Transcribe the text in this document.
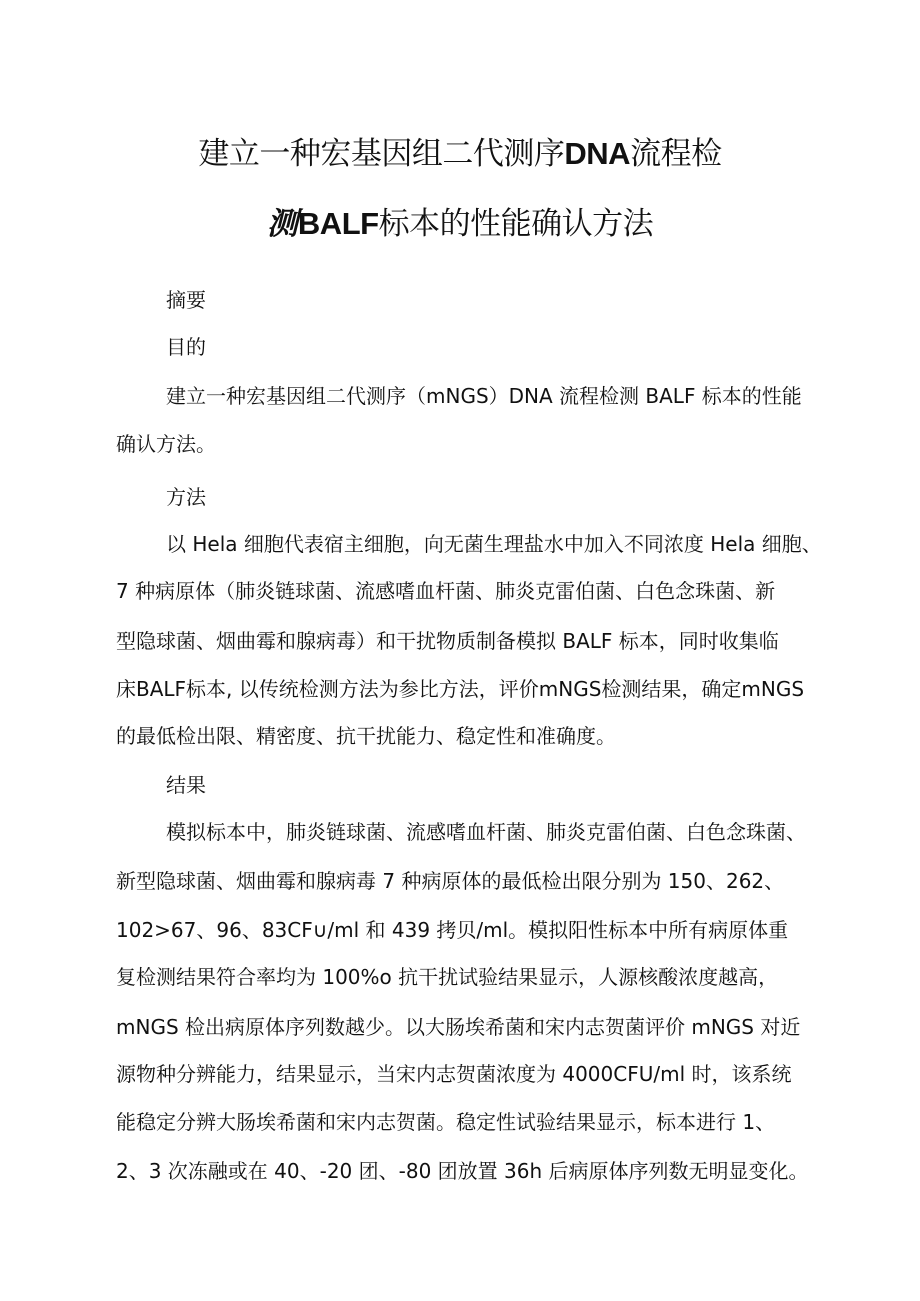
建立一种宏基因组二代测序DNA流程检
测BALF标本的性能确认方法
摘要
目的
建立一种宏基因组二代测序（mNGS）DNA 流程检测 BALF 标本的性能
确认方法。
方法
以 Hela 细胞代表宿主细胞，向无菌生理盐水中加入不同浓度 Hela 细胞、
7 种病原体（肺炎链球菌、流感嗜血杆菌、肺炎克雷伯菌、白色念珠菌、新
型隐球菌、烟曲霉和腺病毒）和干扰物质制备模拟 BALF 标本，同时收集临
床BALF标本, 以传统检测方法为参比方法，评价mNGS检测结果，确定mNGS
的最低检出限、精密度、抗干扰能力、稳定性和准确度。
结果
模拟标本中，肺炎链球菌、流感嗜血杆菌、肺炎克雷伯菌、白色念珠菌、
新型隐球菌、烟曲霉和腺病毒 7 种病原体的最低检出限分别为 150、262、
102>67、96、83CF∪/ml 和 439 拷贝/ml。模拟阳性标本中所有病原体重
复检测结果符合率均为 100%o 抗干扰试验结果显示，人源核酸浓度越高，
mNGS 检出病原体序列数越少。以大肠埃希菌和宋内志贺菌评价 mNGS 对近
源物种分辨能力，结果显示，当宋内志贺菌浓度为 4000CFU/ml 时，该系统
能稳定分辨大肠埃希菌和宋内志贺菌。稳定性试验结果显示，标本进行 1、
2、3 次冻融或在 40、-20 团、-80 团放置 36h 后病原体序列数无明显变化。
